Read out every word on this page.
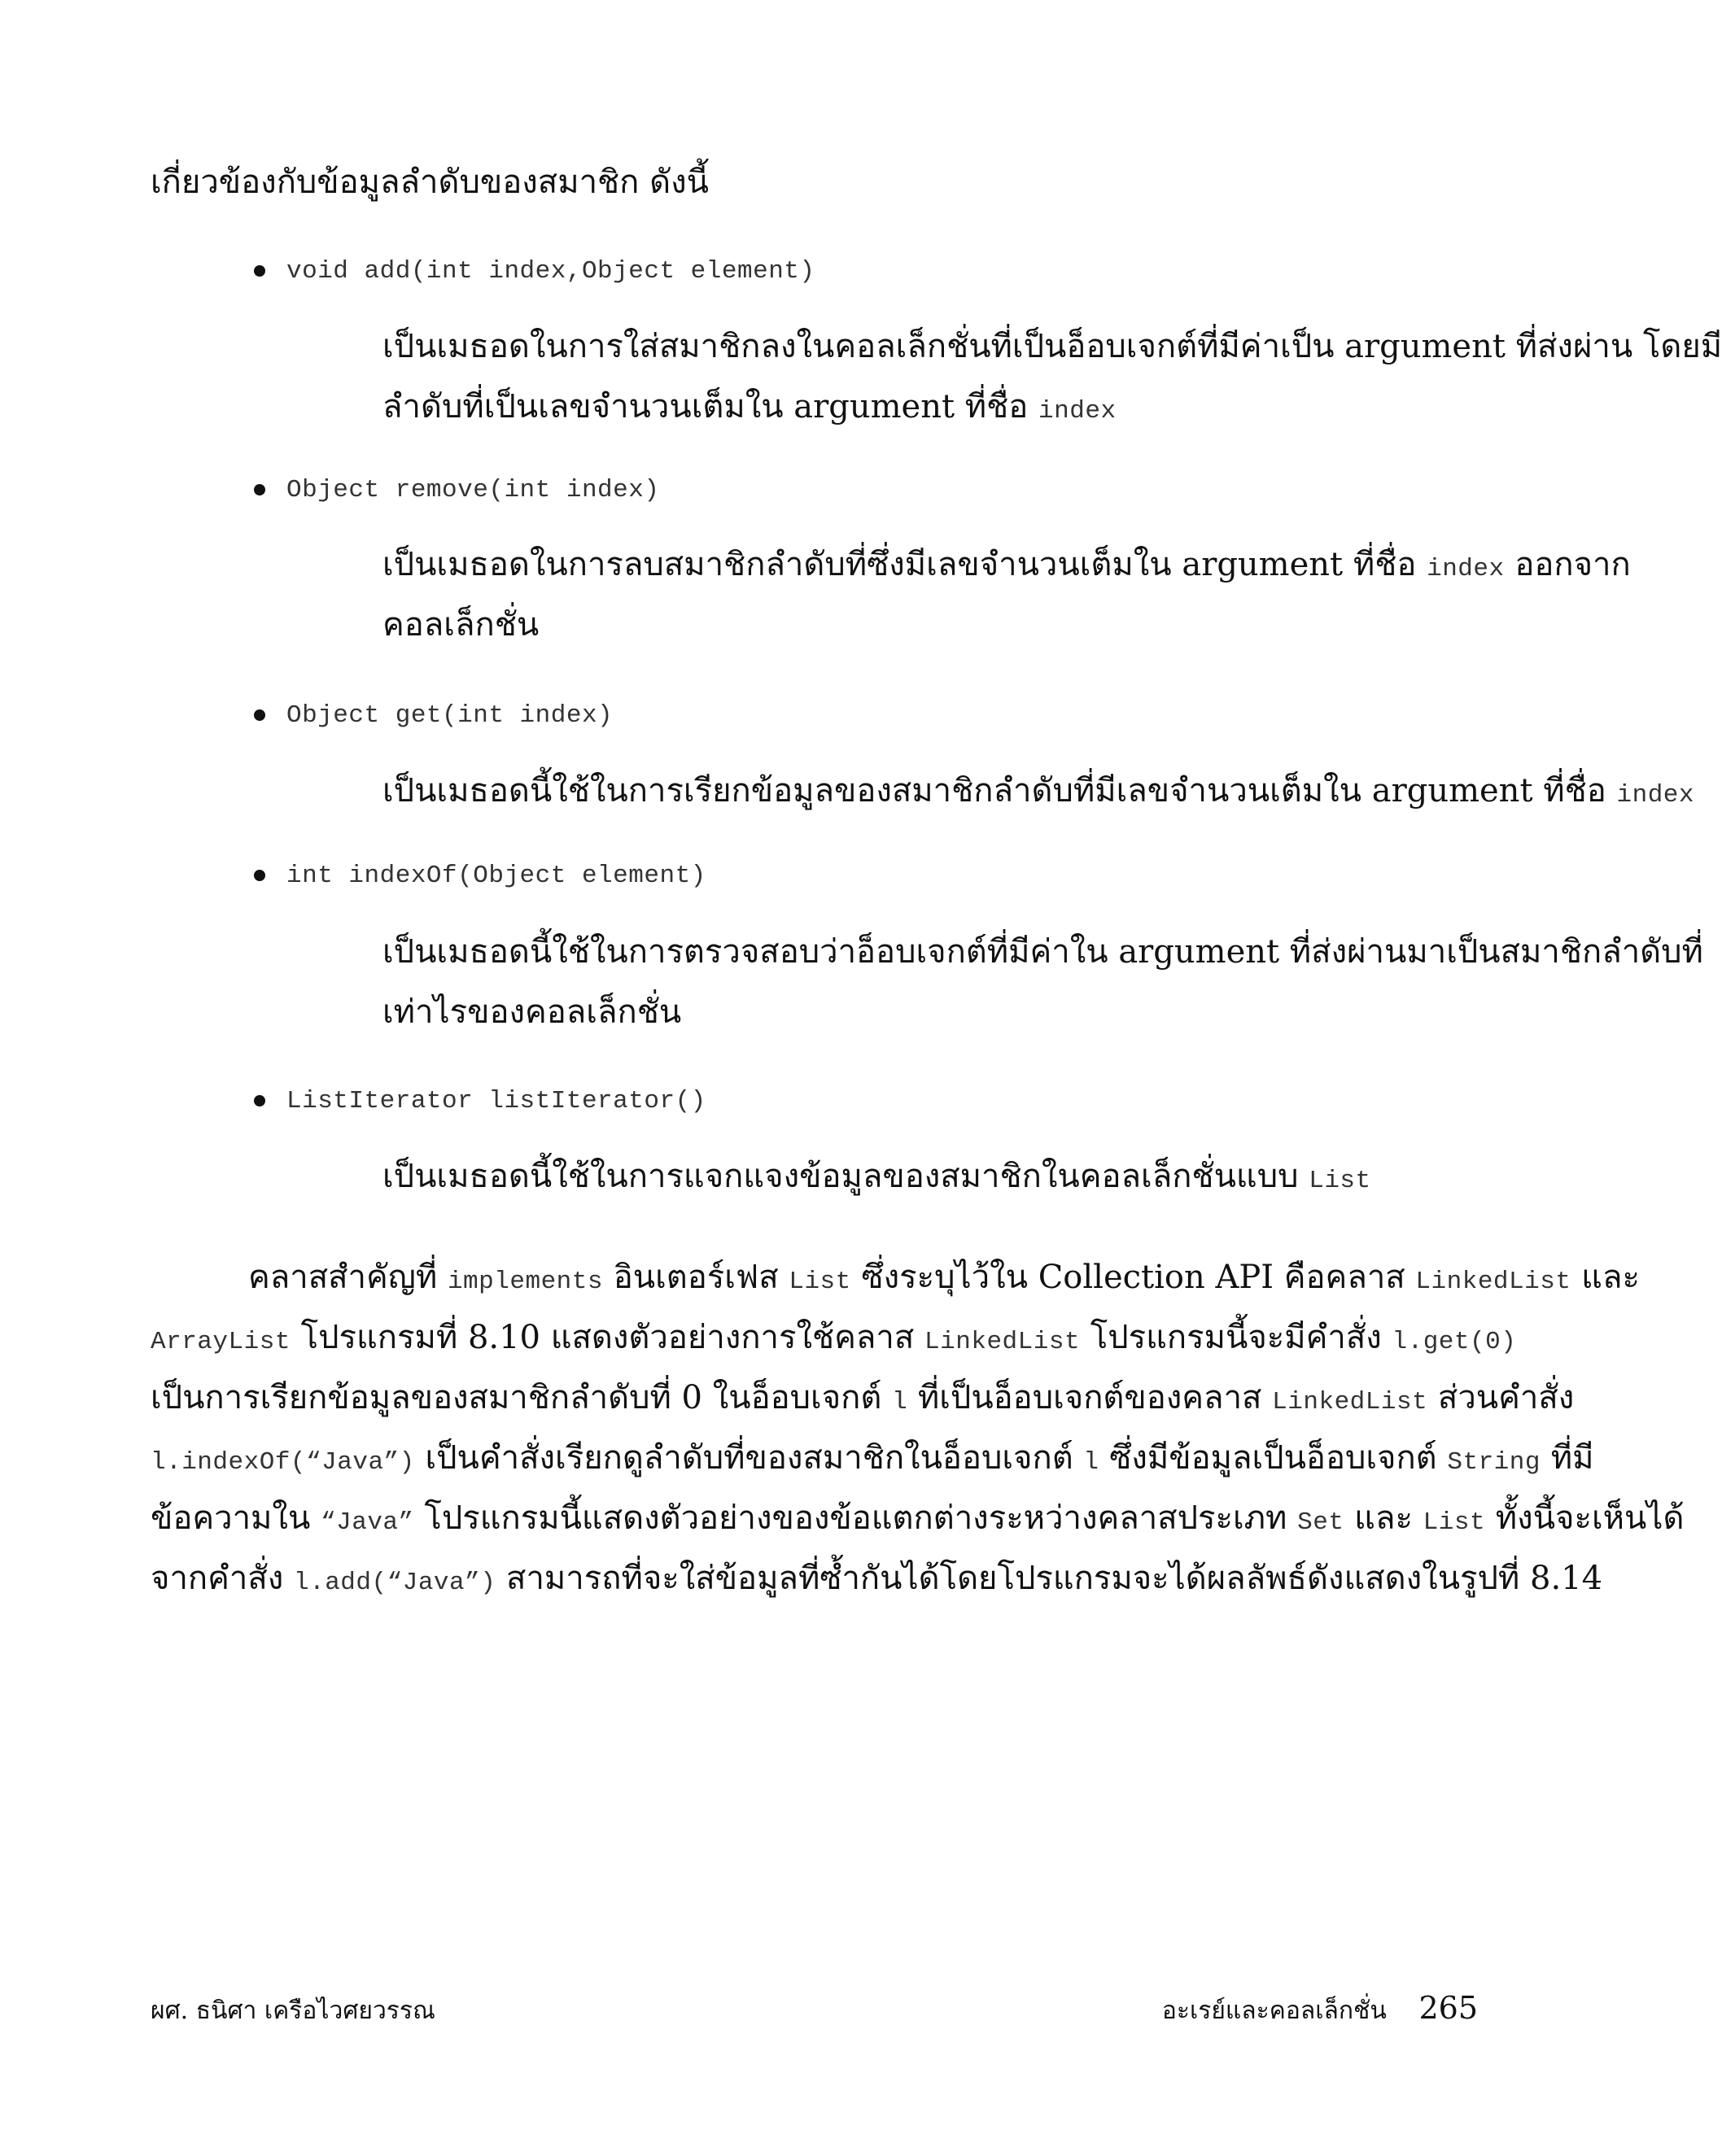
เกี่ยวข้องกับข้อมูลลำดับของสมาชิก ดังนี้
void add(int index,Object element)
เป็นเมธอดในการใส่สมาชิกลงในคอลเล็กชั่นที่เป็นอ็อบเจกต์ที่มีค่าเป็น argument ที่ส่งผ่าน โดยมี
ลำดับที่เป็นเลขจำนวนเต็มใน argument ที่ชื่อ index
Object remove(int index)
เป็นเมธอดในการลบสมาชิกลำดับที่ซึ่งมีเลขจำนวนเต็มใน argument ที่ชื่อ index ออกจาก
คอลเล็กชั่น
Object get(int index)
เป็นเมธอดนี้ใช้ในการเรียกข้อมูลของสมาชิกลำดับที่มีเลขจำนวนเต็มใน argument ที่ชื่อ index
int indexOf(Object element)
เป็นเมธอดนี้ใช้ในการตรวจสอบว่าอ็อบเจกต์ที่มีค่าใน argument ที่ส่งผ่านมาเป็นสมาชิกลำดับที่
เท่าไรของคอลเล็กชั่น
ListIterator listIterator()
เป็นเมธอดนี้ใช้ในการแจกแจงข้อมูลของสมาชิกในคอลเล็กชั่นแบบ List
คลาสสำคัญที่ implements อินเตอร์เฟส List ซึ่งระบุไว้ใน Collection API คือคลาส LinkedList และ
ArrayList โปรแกรมที่ 8.10 แสดงตัวอย่างการใช้คลาส LinkedList โปรแกรมนี้จะมีคำสั่ง l.get(0)
เป็นการเรียกข้อมูลของสมาชิกลำดับที่ 0 ในอ็อบเจกต์ l ที่เป็นอ็อบเจกต์ของคลาส LinkedList ส่วนคำสั่ง
l.indexOf(“Java”) เป็นคำสั่งเรียกดูลำดับที่ของสมาชิกในอ็อบเจกต์ l ซึ่งมีข้อมูลเป็นอ็อบเจกต์ String ที่มี
ข้อความใน “Java” โปรแกรมนี้แสดงตัวอย่างของข้อแตกต่างระหว่างคลาสประเภท Set และ List ทั้งนี้จะเห็นได้
จากคำสั่ง l.add(“Java”) สามารถที่จะใส่ข้อมูลที่ซ้ำกันได้โดยโปรแกรมจะได้ผลลัพธ์ดังแสดงในรูปที่ 8.14
ผศ. ธนิศา เครือไวศยวรรณ	อะเรย์และคอลเล็กชั่น 265
